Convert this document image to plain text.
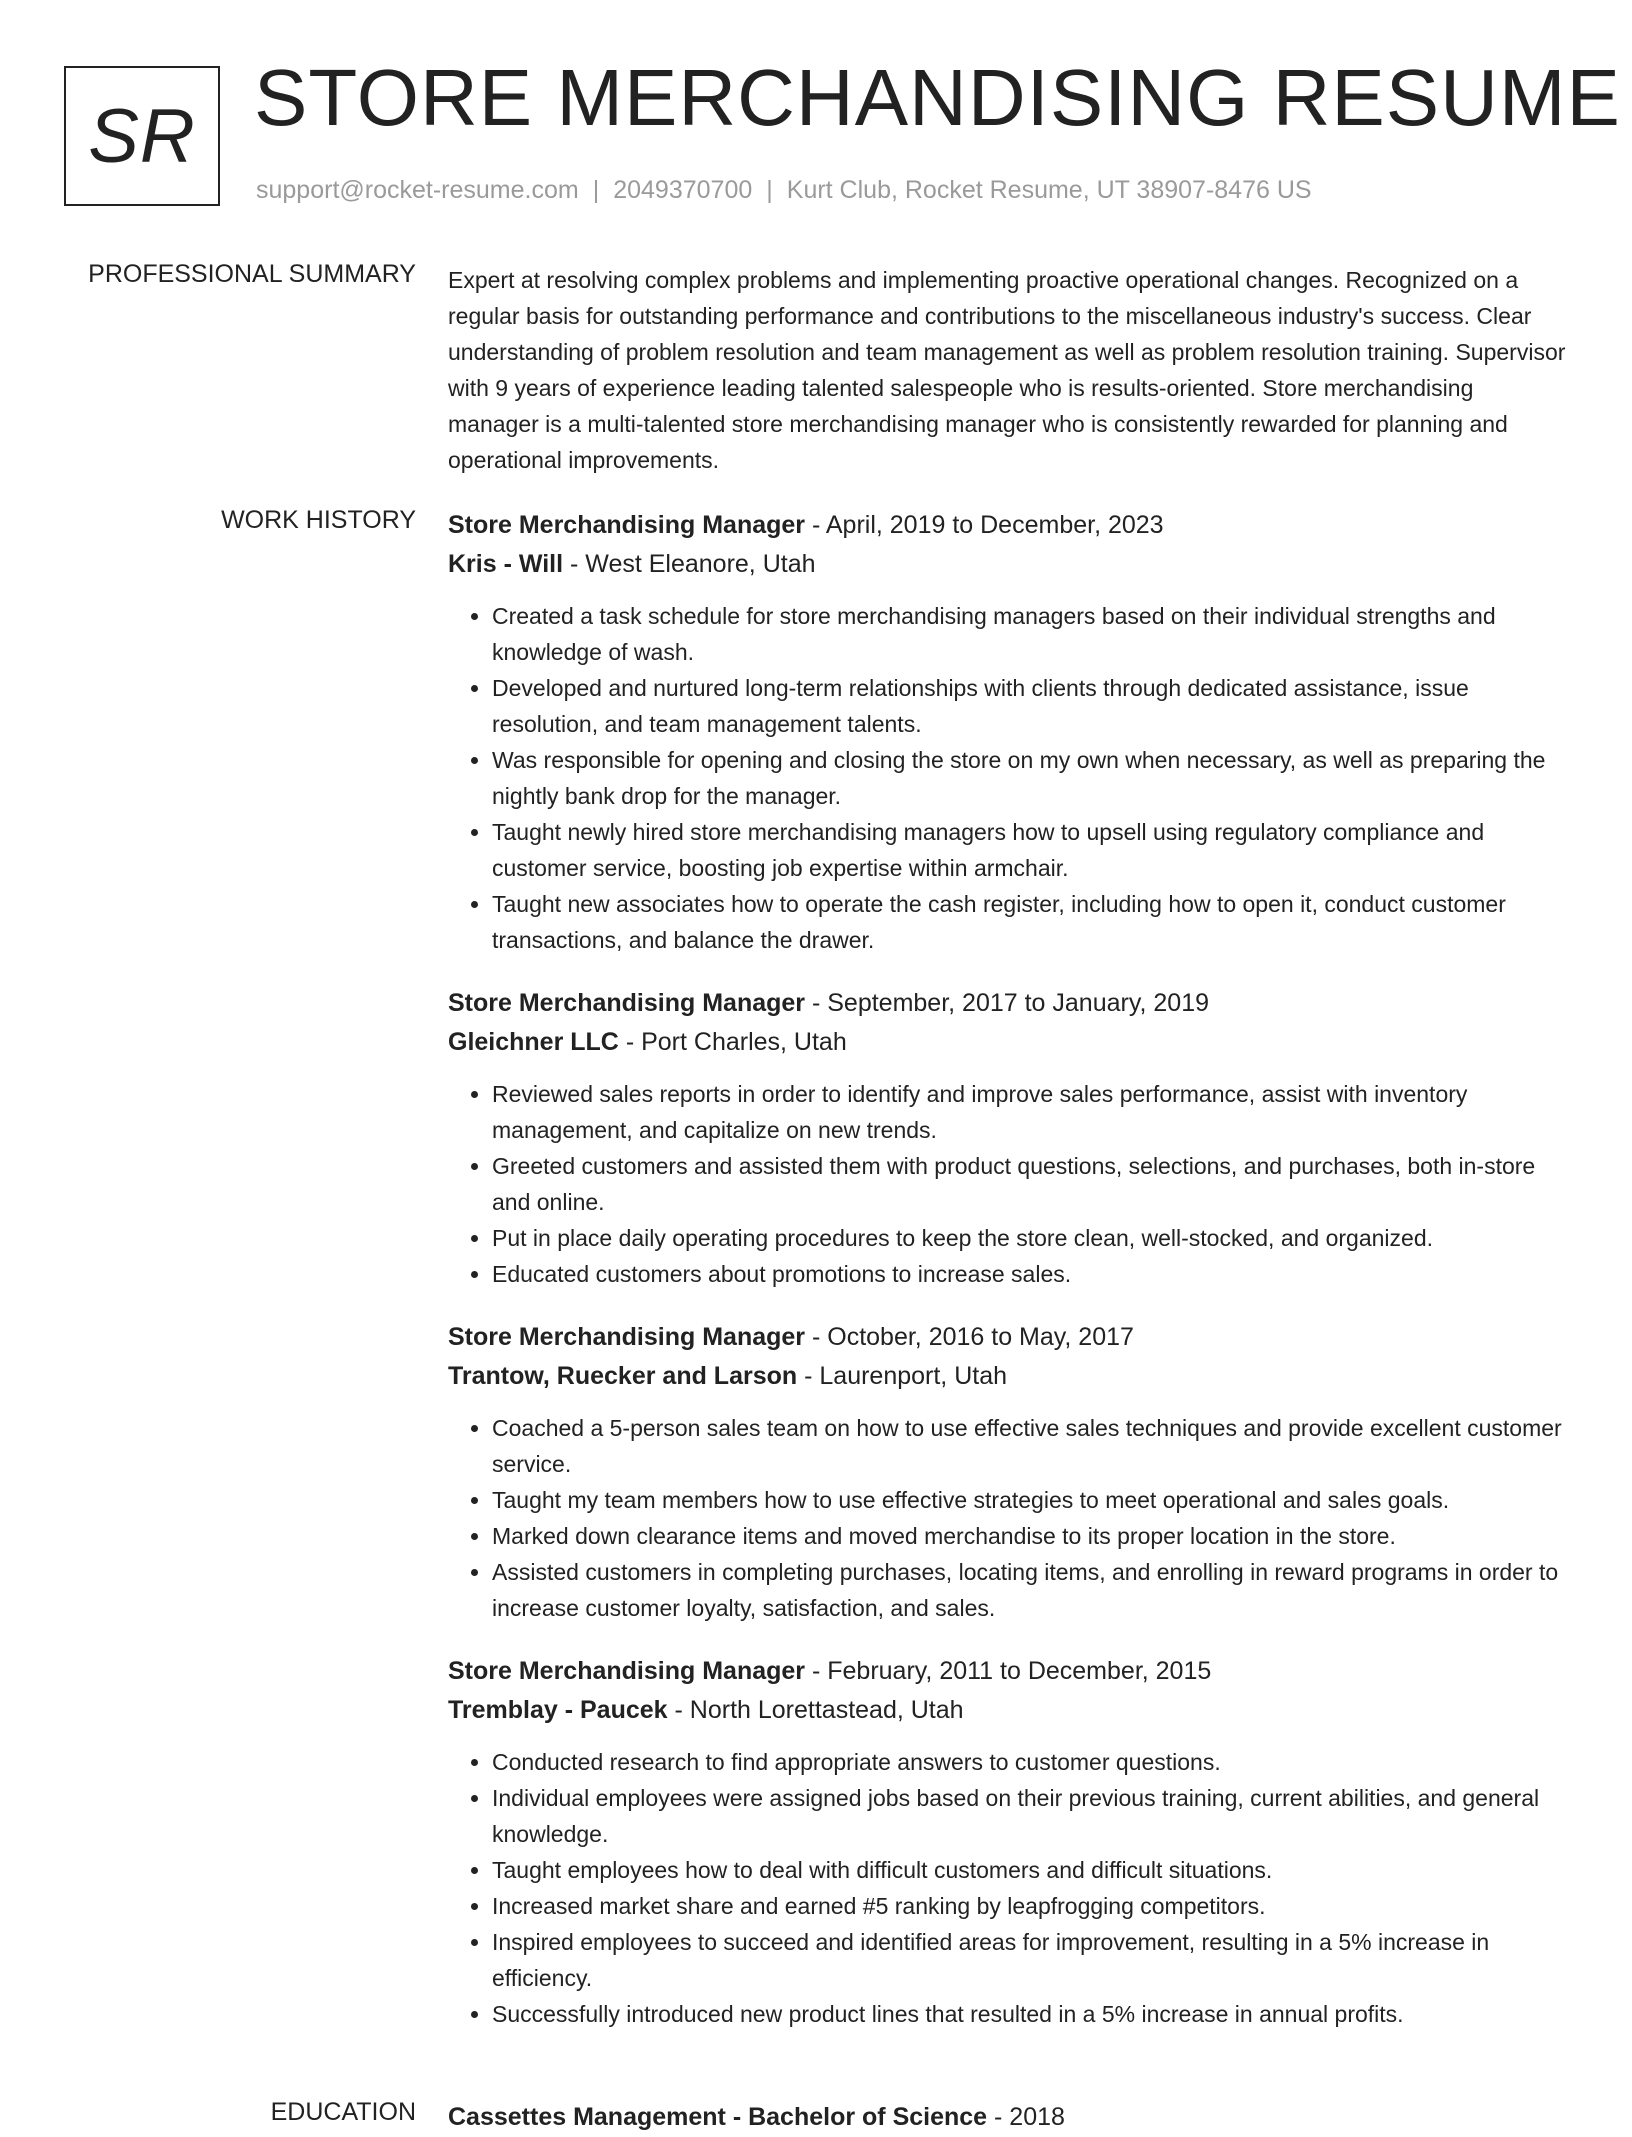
SR STORE MERCHANDISING RESUME
support@rocket-resume.com | 2049370700 | Kurt Club, Rocket Resume, UT 38907-8476 US
PROFESSIONAL SUMMARY Expert at resolving complex problems and implementing proactive operational changes. Recognized on a regular basis for outstanding performance and contributions to the miscellaneous industry's success. Clear understanding of problem resolution and team management as well as problem resolution training. Supervisor with 9 years of experience leading talented salespeople who is results-oriented. Store merchandising manager is a multi-talented store merchandising manager who is consistently rewarded for planning and operational improvements.

WORK HISTORY Store Merchandising Manager - April, 2019 to December, 2023
Kris - Will - West Eleanore, Utah
• Created a task schedule for store merchandising managers based on their individual strengths and knowledge of wash.
• Developed and nurtured long-term relationships with clients through dedicated assistance, issue resolution, and team management talents.
• Was responsible for opening and closing the store on my own when necessary, as well as preparing the nightly bank drop for the manager.
• Taught newly hired store merchandising managers how to upsell using regulatory compliance and customer service, boosting job expertise within armchair.
• Taught new associates how to operate the cash register, including how to open it, conduct customer transactions, and balance the drawer.
Store Merchandising Manager - September, 2017 to January, 2019
Gleichner LLC - Port Charles, Utah
• Reviewed sales reports in order to identify and improve sales performance, assist with inventory management, and capitalize on new trends.
• Greeted customers and assisted them with product questions, selections, and purchases, both in-store and online.
• Put in place daily operating procedures to keep the store clean, well-stocked, and organized.
• Educated customers about promotions to increase sales.
Store Merchandising Manager - October, 2016 to May, 2017
Trantow, Ruecker and Larson - Laurenport, Utah
• Coached a 5-person sales team on how to use effective sales techniques and provide excellent customer service.
• Taught my team members how to use effective strategies to meet operational and sales goals.
• Marked down clearance items and moved merchandise to its proper location in the store.
• Assisted customers in completing purchases, locating items, and enrolling in reward programs in order to increase customer loyalty, satisfaction, and sales.
Store Merchandising Manager - February, 2011 to December, 2015
Tremblay - Paucek - North Lorettastead, Utah
• Conducted research to find appropriate answers to customer questions.
• Individual employees were assigned jobs based on their previous training, current abilities, and general knowledge.
• Taught employees how to deal with difficult customers and difficult situations.
• Increased market share and earned #5 ranking by leapfrogging competitors.
• Inspired employees to succeed and identified areas for improvement, resulting in a 5% increase in efficiency.
• Successfully introduced new product lines that resulted in a 5% increase in annual profits.
EDUCATION Cassettes Management - Bachelor of Science - 2018
